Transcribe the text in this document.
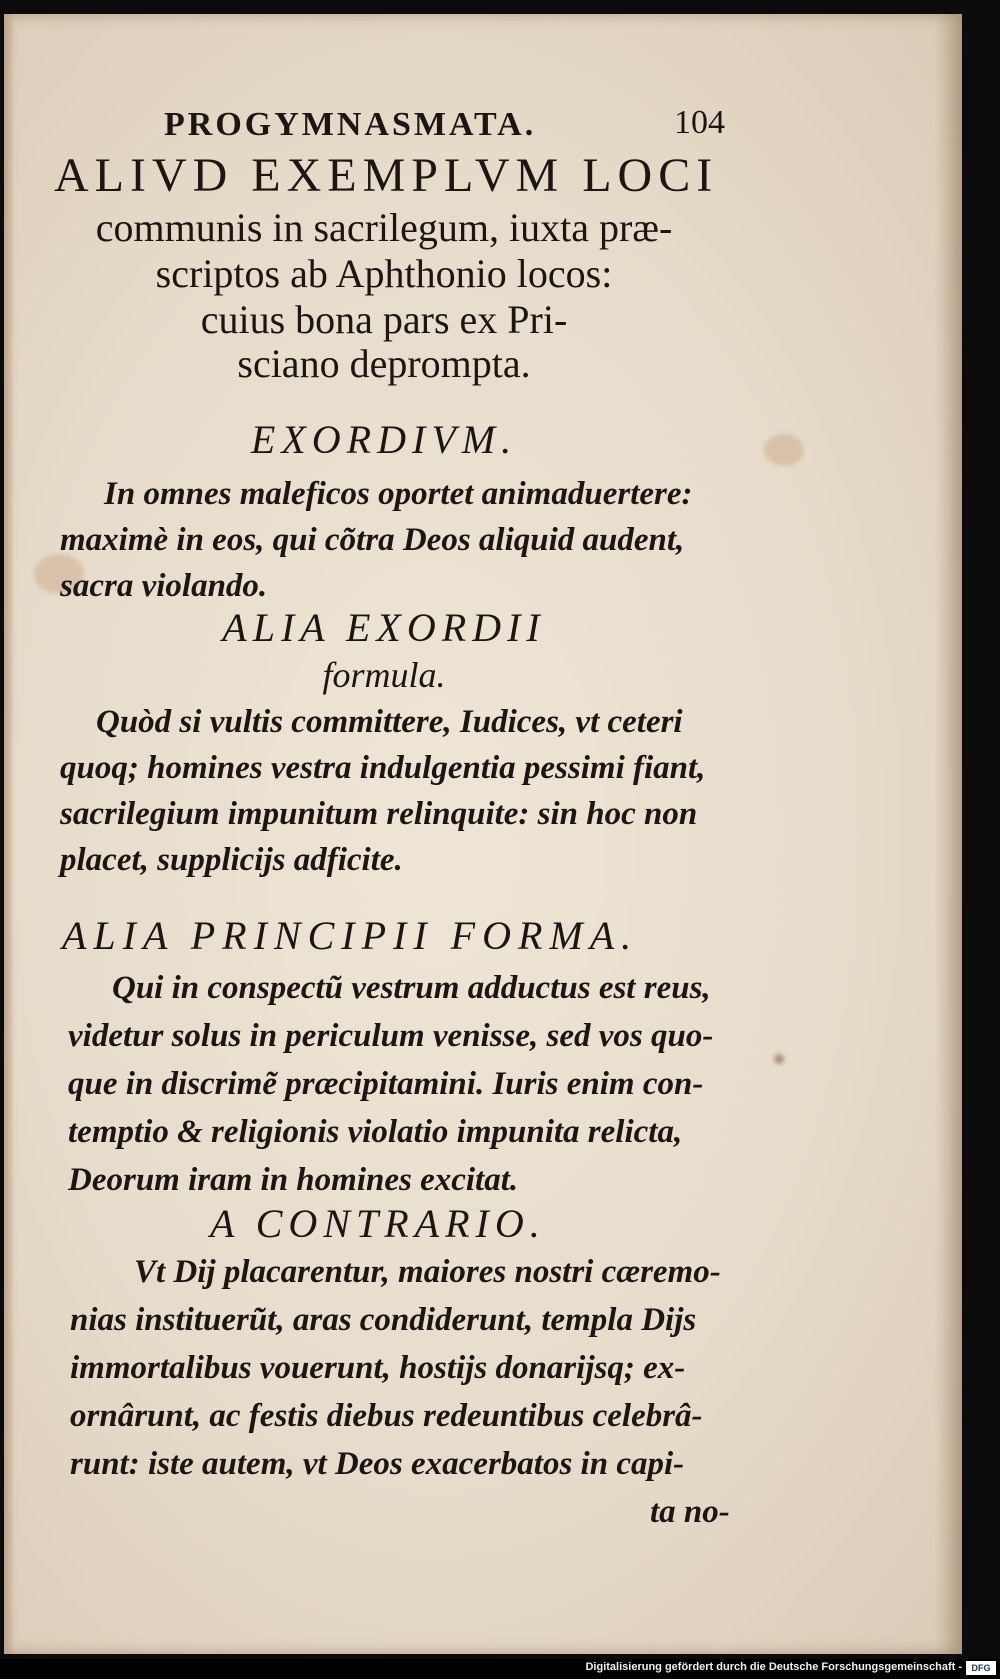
PROGYMNASMATA.	104
ALIVD EXEMPLVM LOCI
communis in sacrilegum, iuxta præ-
scriptos ab Aphthonio locos:
cuius bona pars ex Pri-
sciano deprompta.
EXORDIVM.
In omnes maleficos oportet animaduertere:
maximè in eos, qui cõtra Deos aliquid audent,
sacra violando.
ALIA EXORDII
formula.
Quòd si vultis committere, Iudices, vt ceteri
quoq; homines vestra indulgentia pessimi fiant,
sacrilegium impunitum relinquite: sin hoc non
placet, supplicijs adficite.
ALIA PRINCIPII FORMA.
Qui in conspectũ vestrum adductus est reus,
videtur solus in periculum venisse, sed vos quo-
que in discrimẽ præcipitamini. Iuris enim con-
temptio & religionis violatio impunita relicta,
Deorum iram in homines excitat.
A CONTRARIO.
Vt Dij placarentur, maiores nostri cæremo-
nias instituerũt, aras condiderunt, templa Dijs
immortalibus vouerunt, hostijs donarijsq; ex-
ornârunt, ac festis diebus redeuntibus celebrâ-
runt: iste autem, vt Deos exacerbatos in capi-
ta no-
Digitalisierung gefördert durch die Deutsche Forschungsgemeinschaft -	DFG
